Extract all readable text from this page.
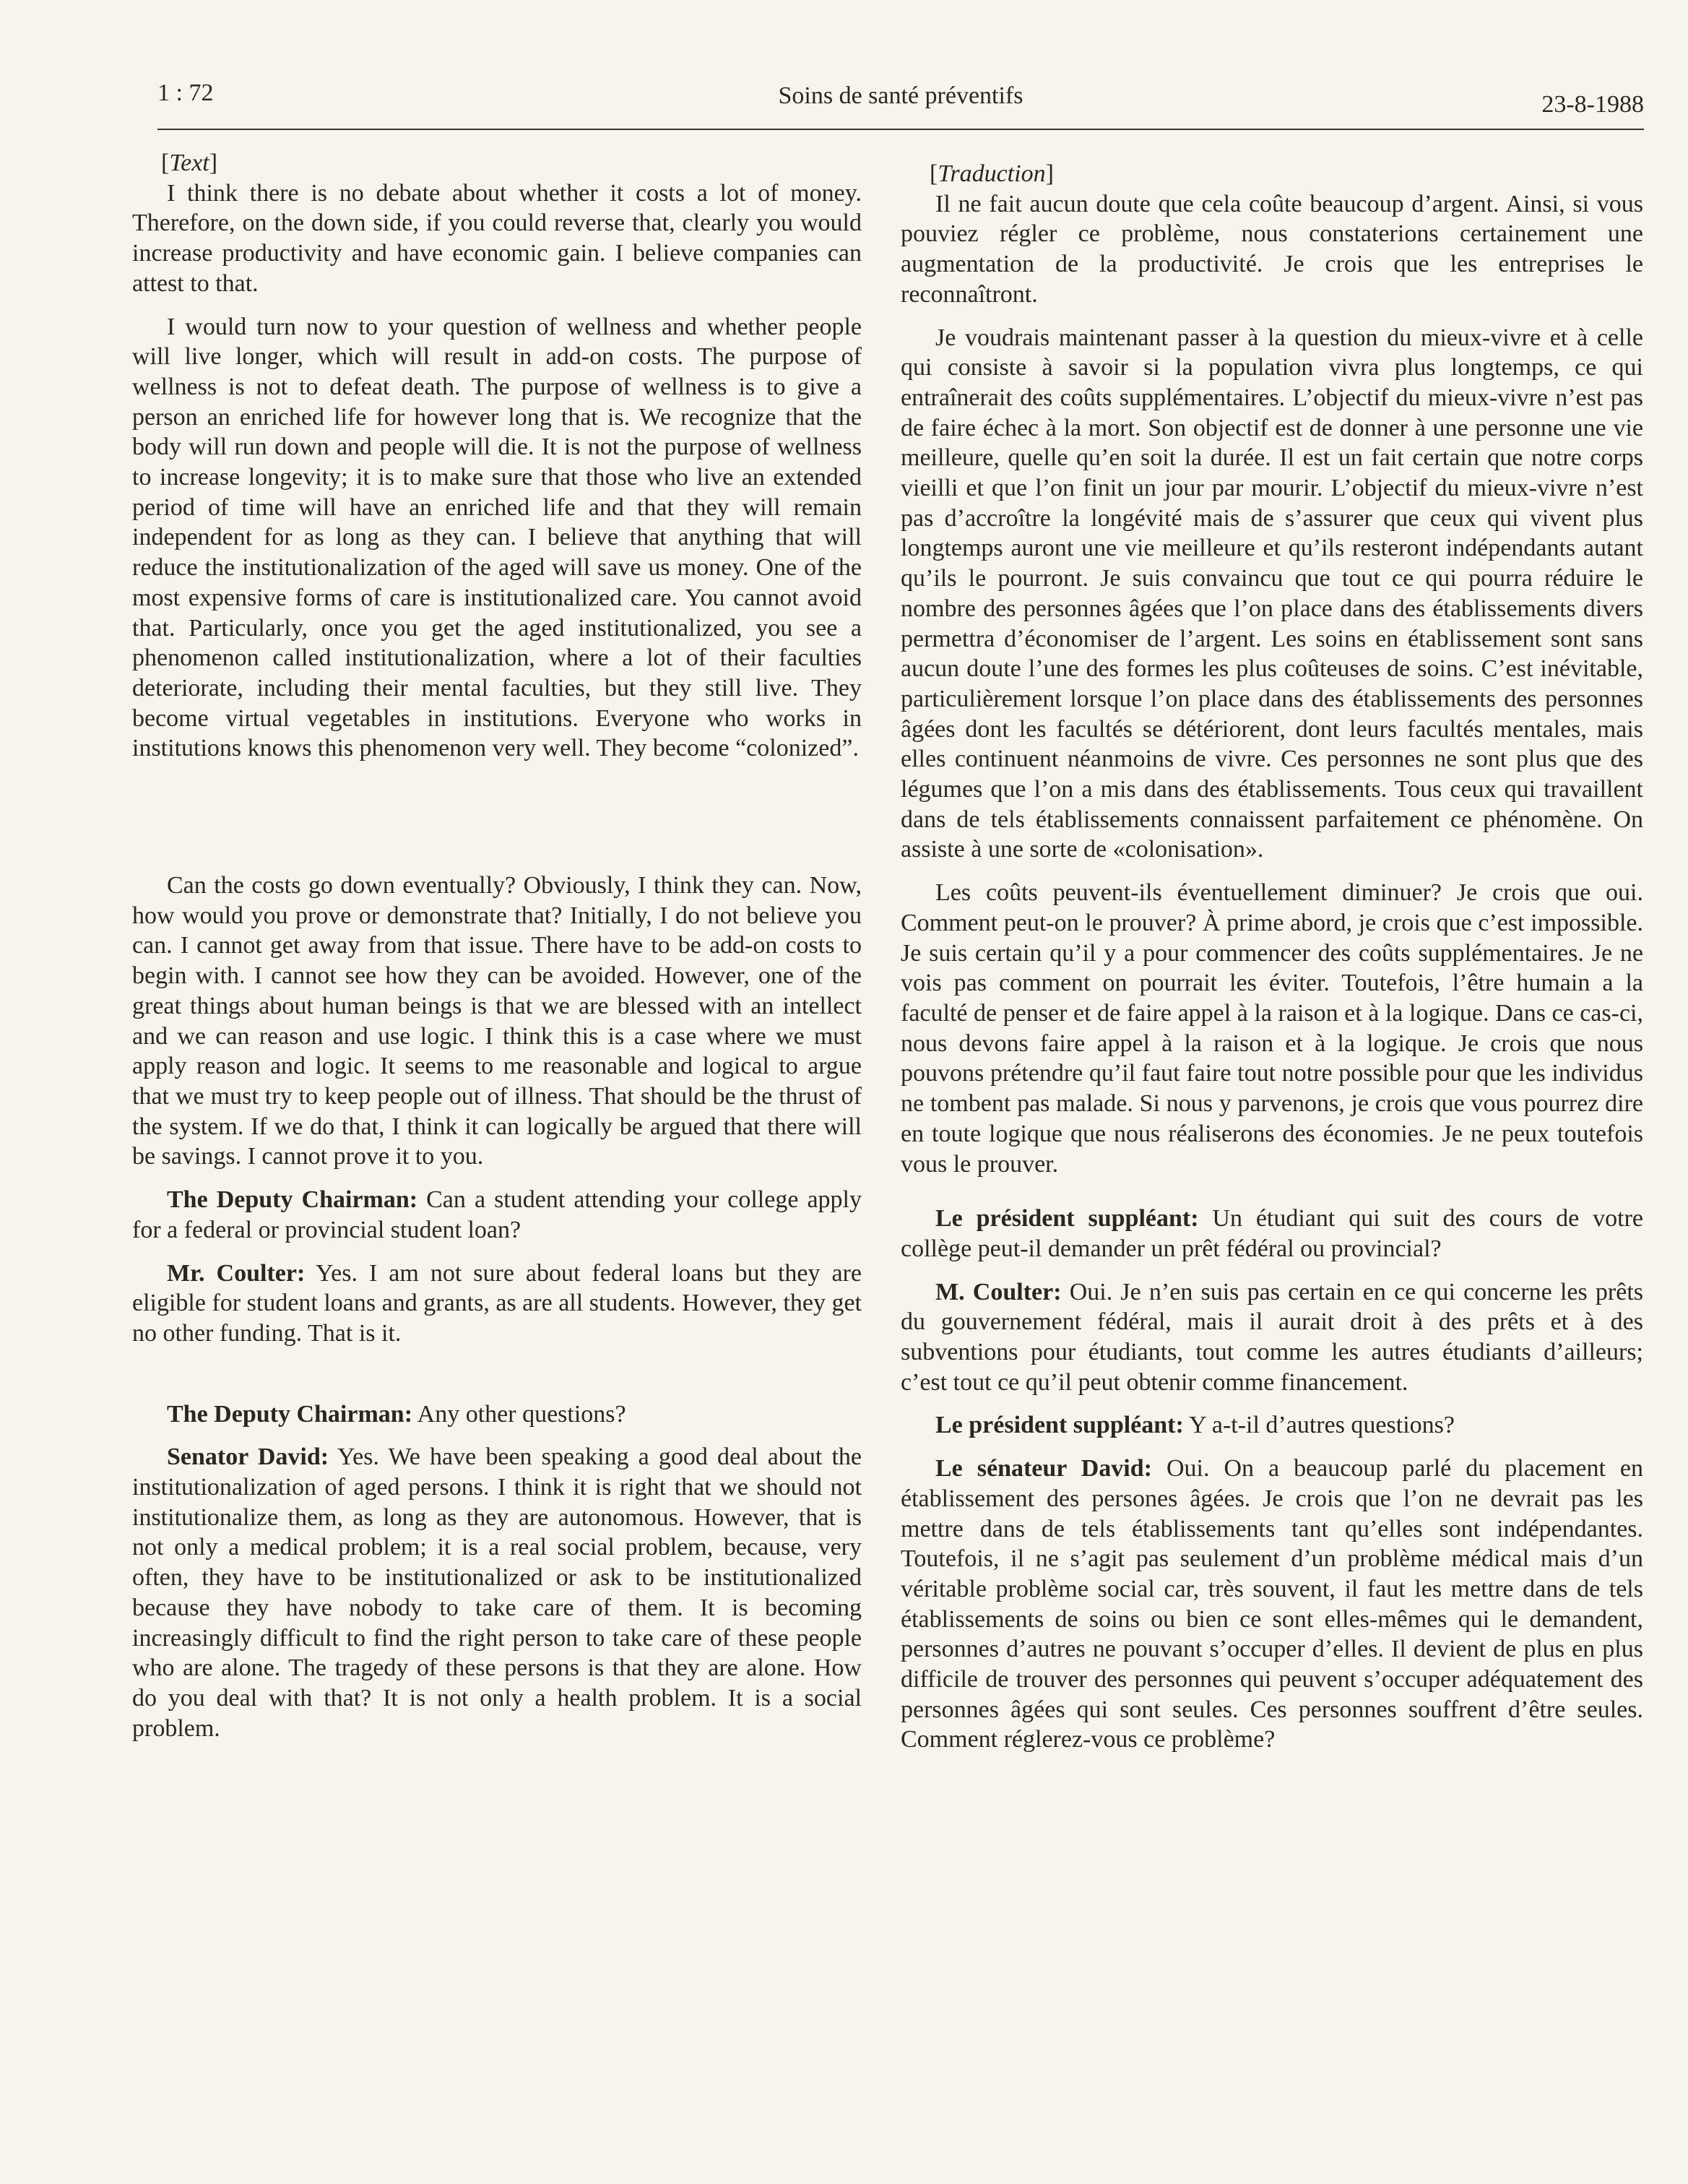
1 : 72	Soins de santé préventifs	23-8-1988

[Text]

I think there is no debate about whether it costs a lot of money. Therefore, on the down side, if you could reverse that, clearly you would increase productivity and have economic gain. I believe companies can attest to that.

I would turn now to your question of wellness and whether people will live longer, which will result in add-on costs. The purpose of wellness is not to defeat death. The purpose of wellness is to give a person an enriched life for however long that is. We recognize that the body will run down and people will die. It is not the purpose of wellness to increase longevity; it is to make sure that those who live an extended period of time will have an enriched life and that they will remain independent for as long as they can. I believe that anything that will reduce the institutionalization of the aged will save us money. One of the most expensive forms of care is institutionalized care. You cannot avoid that. Particularly, once you get the aged institutionalized, you see a phenomenon called institutionalization, where a lot of their faculties deteriorate, including their mental faculties, but they still live. They become virtual vegetables in institutions. Everyone who works in institutions knows this phenomenon very well. They become “colonized”.

Can the costs go down eventually? Obviously, I think they can. Now, how would you prove or demonstrate that? Initially, I do not believe you can. I cannot get away from that issue. There have to be add-on costs to begin with. I cannot see how they can be avoided. However, one of the great things about human beings is that we are blessed with an intellect and we can reason and use logic. I think this is a case where we must apply reason and logic. It seems to me reasonable and logical to argue that we must try to keep people out of illness. That should be the thrust of the system. If we do that, I think it can logically be argued that there will be savings. I cannot prove it to you.

The Deputy Chairman: Can a student attending your college apply for a federal or provincial student loan?

Mr. Coulter: Yes. I am not sure about federal loans but they are eligible for student loans and grants, as are all students. However, they get no other funding. That is it.

The Deputy Chairman: Any other questions?

Senator David: Yes. We have been speaking a good deal about the institutionalization of aged persons. I think it is right that we should not institutionalize them, as long as they are autonomous. However, that is not only a medical problem; it is a real social problem, because, very often, they have to be institutionalized or ask to be institutionalized because they have nobody to take care of them. It is becoming increasingly difficult to find the right person to take care of these people who are alone. The tragedy of these persons is that they are alone. How do you deal with that? It is not only a health problem. It is a social problem.

[Traduction]

Il ne fait aucun doute que cela coûte beaucoup d’argent. Ainsi, si vous pouviez régler ce problème, nous constaterions certainement une augmentation de la productivité. Je crois que les entreprises le reconnaîtront.

Je voudrais maintenant passer à la question du mieux-vivre et à celle qui consiste à savoir si la population vivra plus longtemps, ce qui entraînerait des coûts supplémentaires. L’objectif du mieux-vivre n’est pas de faire échec à la mort. Son objectif est de donner à une personne une vie meilleure, quelle qu’en soit la durée. Il est un fait certain que notre corps vieilli et que l’on finit un jour par mourir. L’objectif du mieux-vivre n’est pas d’accroître la longévité mais de s’assurer que ceux qui vivent plus longtemps auront une vie meilleure et qu’ils resteront indépendants autant qu’ils le pourront. Je suis convaincu que tout ce qui pourra réduire le nombre des personnes âgées que l’on place dans des établissements divers permettra d’économiser de l’argent. Les soins en établissement sont sans aucun doute l’une des formes les plus coûteuses de soins. C’est inévitable, particulièrement lorsque l’on place dans des établissements des personnes âgées dont les facultés se détériorent, dont leurs facultés mentales, mais elles continuent néanmoins de vivre. Ces personnes ne sont plus que des légumes que l’on a mis dans des établissements. Tous ceux qui travaillent dans de tels établissements connaissent parfaitement ce phénomène. On assiste à une sorte de «colonisation».

Les coûts peuvent-ils éventuellement diminuer? Je crois que oui. Comment peut-on le prouver? À prime abord, je crois que c’est impossible. Je suis certain qu’il y a pour commencer des coûts supplémentaires. Je ne vois pas comment on pourrait les éviter. Toutefois, l’être humain a la faculté de penser et de faire appel à la raison et à la logique. Dans ce cas-ci, nous devons faire appel à la raison et à la logique. Je crois que nous pouvons prétendre qu’il faut faire tout notre possible pour que les individus ne tombent pas malade. Si nous y parvenons, je crois que vous pourrez dire en toute logique que nous réaliserons des économies. Je ne peux toutefois vous le prouver.

Le président suppléant: Un étudiant qui suit des cours de votre collège peut-il demander un prêt fédéral ou provincial?

M. Coulter: Oui. Je n’en suis pas certain en ce qui concerne les prêts du gouvernement fédéral, mais il aurait droit à des prêts et à des subventions pour étudiants, tout comme les autres étudiants d’ailleurs; c’est tout ce qu’il peut obtenir comme financement.

Le président suppléant: Y a-t-il d’autres questions?

Le sénateur David: Oui. On a beaucoup parlé du placement en établissement des persones âgées. Je crois que l’on ne devrait pas les mettre dans de tels établissements tant qu’elles sont indépendantes. Toutefois, il ne s’agit pas seulement d’un problème médical mais d’un véritable problème social car, très souvent, il faut les mettre dans de tels établissements de soins ou bien ce sont elles-mêmes qui le demandent, personnes d’autres ne pouvant s’occuper d’elles. Il devient de plus en plus difficile de trouver des personnes qui peuvent s’occuper adéquatement des personnes âgées qui sont seules. Ces personnes souffrent d’être seules. Comment réglerez-vous ce problème?
